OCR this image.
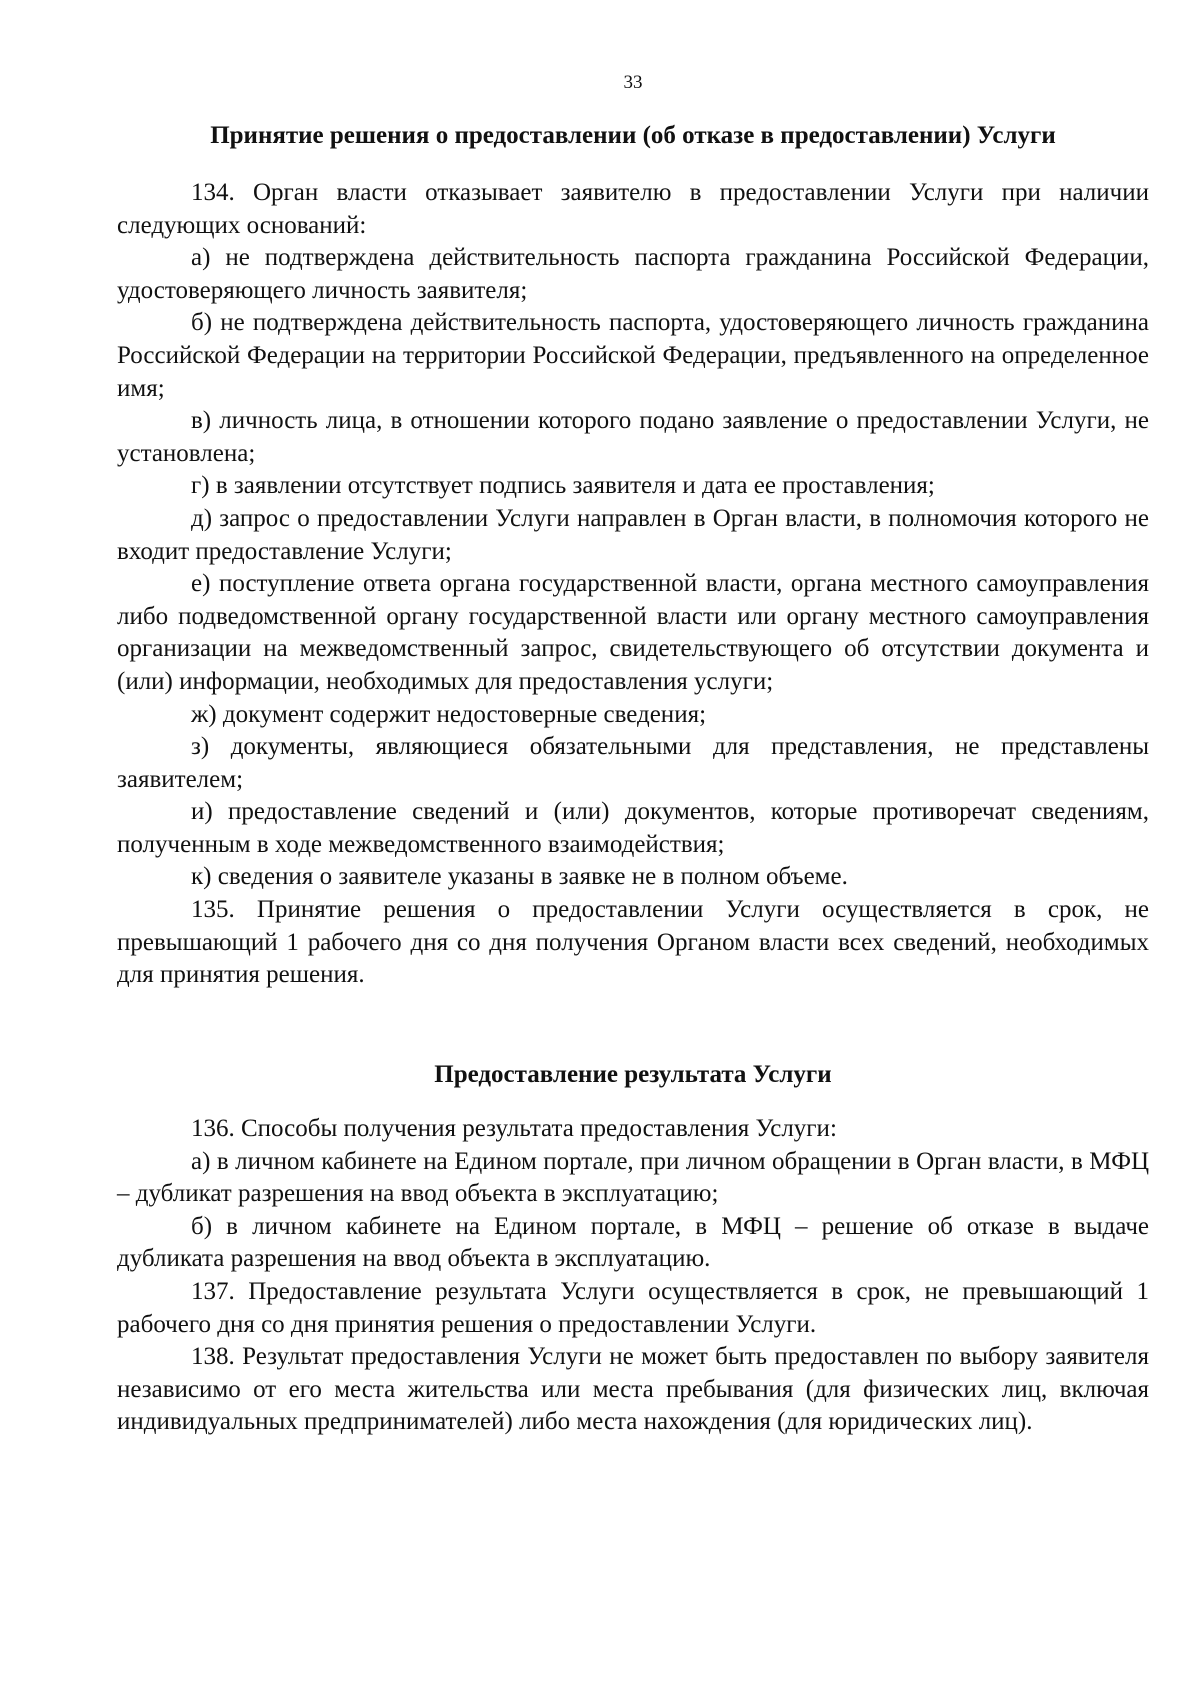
33
Принятие решения о предоставлении (об отказе в предоставлении) Услуги

134. Орган власти отказывает заявителю в предоставлении Услуги при наличии следующих оснований:

а) не подтверждена действительность паспорта гражданина Российской Федерации, удостоверяющего личность заявителя;

б) не подтверждена действительность паспорта, удостоверяющего личность гражданина Российской Федерации на территории Российской Федерации, предъявленного на определенное имя;

в) личность лица, в отношении которого подано заявление о предоставлении Услуги, не установлена;

г) в заявлении отсутствует подпись заявителя и дата ее проставления;

д) запрос о предоставлении Услуги направлен в Орган власти, в полномочия которого не входит предоставление Услуги;

е) поступление ответа органа государственной власти, органа местного самоуправления либо подведомственной органу государственной власти или органу местного самоуправления организации на межведомственный запрос, свидетельствующего об отсутствии документа и (или) информации, необходимых для предоставления услуги;

ж) документ содержит недостоверные сведения;

з) документы, являющиеся обязательными для представления, не представлены заявителем;

и) предоставление сведений и (или) документов, которые противоречат сведениям, полученным в ходе межведомственного взаимодействия;

к) сведения о заявителе указаны в заявке не в полном объеме.

135. Принятие решения о предоставлении Услуги осуществляется в срок, не превышающий 1 рабочего дня со дня получения Органом власти всех сведений, необходимых для принятия решения.

Предоставление результата Услуги

136. Способы получения результата предоставления Услуги:

а) в личном кабинете на Едином портале, при личном обращении в Орган власти, в МФЦ – дубликат разрешения на ввод объекта в эксплуатацию;

б) в личном кабинете на Едином портале, в МФЦ – решение об отказе в выдаче дубликата разрешения на ввод объекта в эксплуатацию.

137. Предоставление результата Услуги осуществляется в срок, не превышающий 1 рабочего дня со дня принятия решения о предоставлении Услуги.

138. Результат предоставления Услуги не может быть предоставлен по выбору заявителя независимо от его места жительства или места пребывания (для физических лиц, включая индивидуальных предпринимателей) либо места нахождения (для юридических лиц).
